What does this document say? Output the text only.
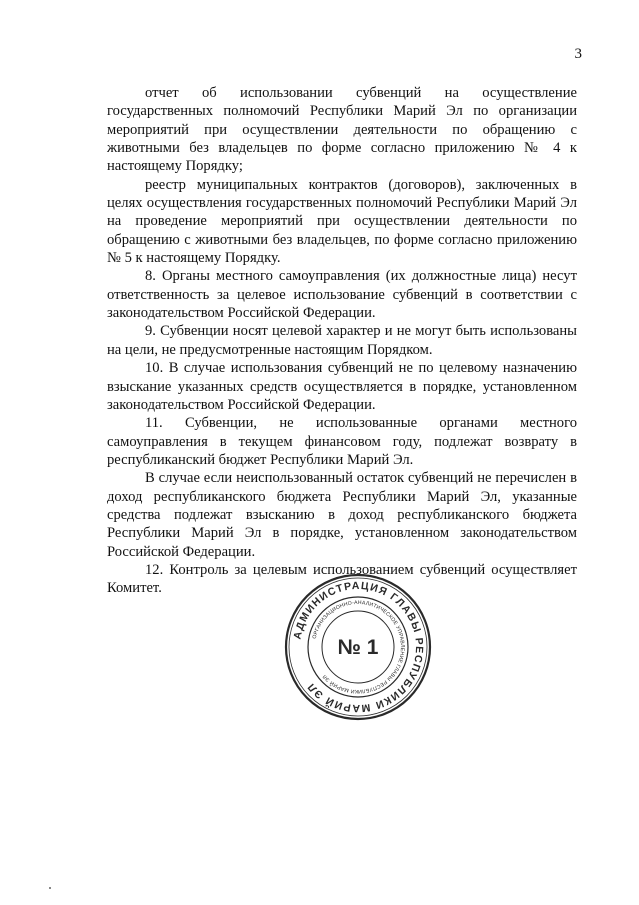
3

отчет об использовании субвенций на осуществление государственных полномочий Республики Марий Эл по организации мероприятий при осуществлении деятельности по обращению с животными без владельцев по форме согласно приложению № 4 к настоящему Порядку;

реестр муниципальных контрактов (договоров), заключенных в целях осуществления государственных полномочий Республики Марий Эл на проведение мероприятий при осуществлении деятельности по обращению с животными без владельцев, по форме согласно приложению № 5 к настоящему Порядку.

8. Органы местного самоуправления (их должностные лица) несут ответственность за целевое использование субвенций в соответствии с законодательством Российской Федерации.

9. Субвенции носят целевой характер и не могут быть использованы на цели, не предусмотренные настоящим Порядком.

10. В случае использования субвенций не по целевому назначению взыскание указанных средств осуществляется в порядке, установленном законодательством Российской Федерации.

11. Субвенции, не использованные органами местного самоуправления в текущем финансовом году, подлежат возврату в республиканский бюджет Республики Марий Эл.

В случае если неиспользованный остаток субвенций не перечислен в доход республиканского бюджета Республики Марий Эл, указанные средства подлежат взысканию в доход республиканского бюджета Республики Марий Эл в порядке, установленном законодательством Российской Федерации.

12. Контроль за целевым использованием субвенций осуществляет Комитет.

АДМИНИСТРАЦИЯ ГЛАВЫ РЕСПУБЛИКИ МАРИЙ ЭЛ
ОРГАНИЗАЦИОННО-АНАЛИТИЧЕСКОЕ УПРАВЛЕНИЕ ГЛАВЫ РЕСПУБЛИКИ МАРИЙ ЭЛ
№ 1
